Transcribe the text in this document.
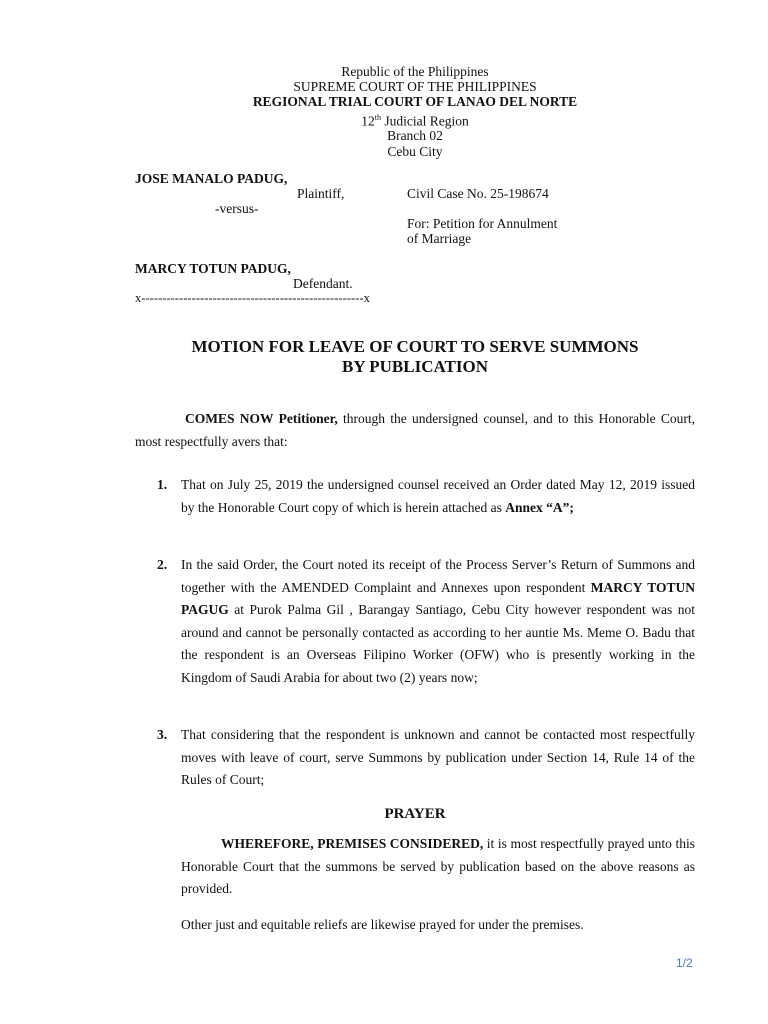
Republic of the Philippines
SUPREME COURT OF THE PHILIPPINES
REGIONAL TRIAL COURT OF LANAO DEL NORTE
12th Judicial Region
Branch 02
Cebu City
JOSE MANALO PADUG,
Plaintiff,	Civil Case No. 25-198674
-versus-
For: Petition for Annulment
of Marriage
MARCY TOTUN PADUG,
Defendant.
x-----------------------------------------------------x
MOTION FOR LEAVE OF COURT TO SERVE SUMMONS
BY PUBLICATION
COMES NOW Petitioner, through the undersigned counsel, and to this Honorable Court, most respectfully avers that:
1. That on July 25, 2019 the undersigned counsel received an Order dated May 12, 2019 issued by the Honorable Court copy of which is herein attached as Annex “A”;
2. In the said Order, the Court noted its receipt of the Process Server’s Return of Summons and together with the AMENDED Complaint and Annexes upon respondent MARCY TOTUN PAGUG at Purok Palma Gil , Barangay Santiago, Cebu City however respondent was not around and cannot be personally contacted as according to her auntie Ms. Meme O. Badu that the respondent is an Overseas Filipino Worker (OFW) who is presently working in the Kingdom of Saudi Arabia for about two (2) years now;
3. That considering that the respondent is unknown and cannot be contacted most respectfully moves with leave of court, serve Summons by publication under Section 14, Rule 14 of the Rules of Court;
PRAYER
WHEREFORE, PREMISES CONSIDERED, it is most respectfully prayed unto this Honorable Court that the summons be served by publication based on the above reasons as provided.
Other just and equitable reliefs are likewise prayed for under the premises.
1/2
